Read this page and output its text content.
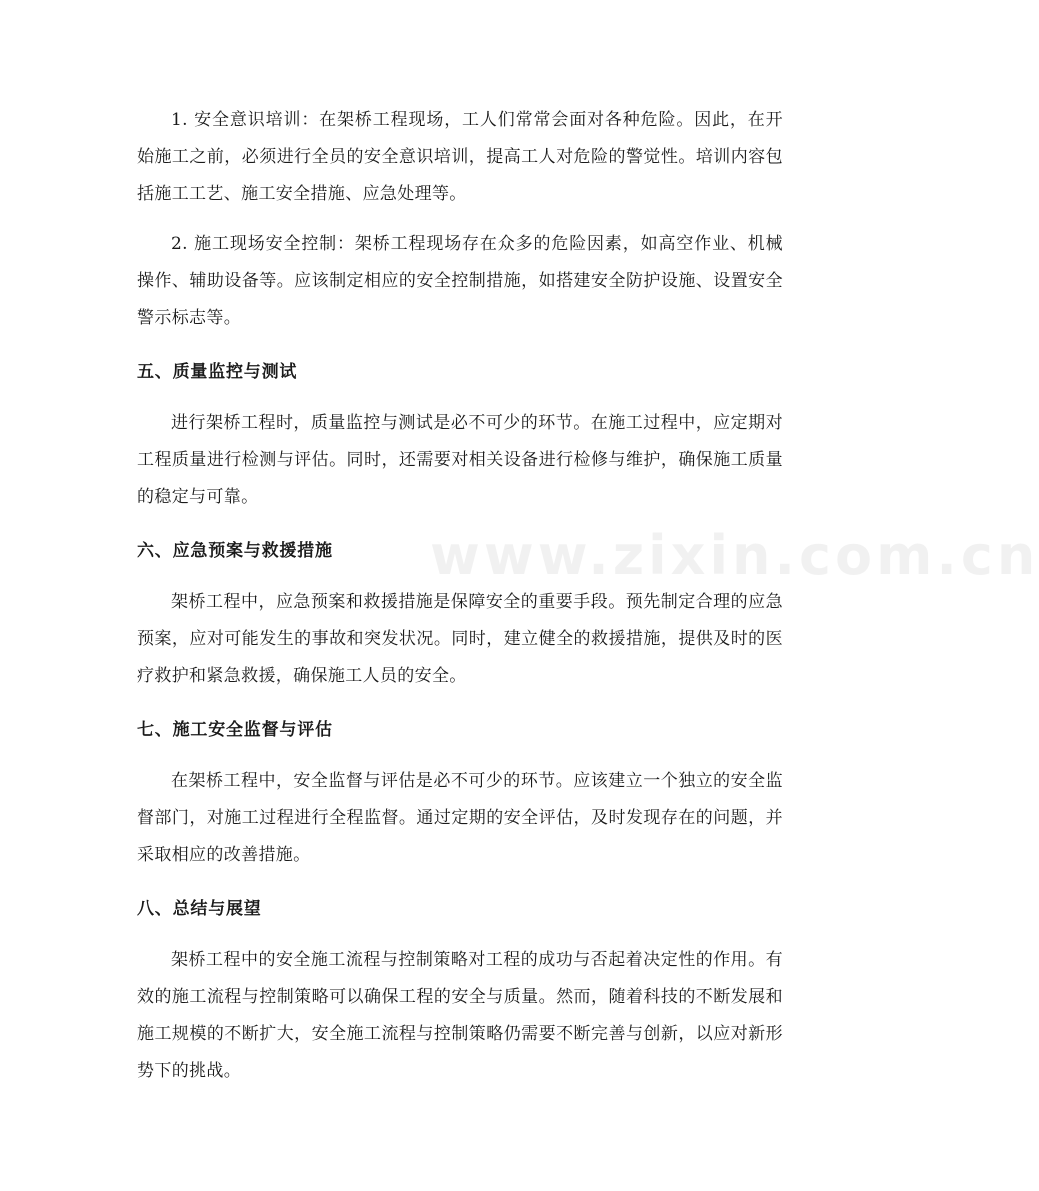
www.zixin.com.cn

1. 安全意识培训：在架桥工程现场，工人们常常会面对各种危险。因此，在开始施工之前，必须进行全员的安全意识培训，提高工人对危险的警觉性。培训内容包括施工工艺、施工安全措施、应急处理等。

2. 施工现场安全控制：架桥工程现场存在众多的危险因素，如高空作业、机械操作、辅助设备等。应该制定相应的安全控制措施，如搭建安全防护设施、设置安全警示标志等。

五、质量监控与测试

进行架桥工程时，质量监控与测试是必不可少的环节。在施工过程中，应定期对工程质量进行检测与评估。同时，还需要对相关设备进行检修与维护，确保施工质量的稳定与可靠。

六、应急预案与救援措施

架桥工程中，应急预案和救援措施是保障安全的重要手段。预先制定合理的应急预案，应对可能发生的事故和突发状况。同时，建立健全的救援措施，提供及时的医疗救护和紧急救援，确保施工人员的安全。

七、施工安全监督与评估

在架桥工程中，安全监督与评估是必不可少的环节。应该建立一个独立的安全监督部门，对施工过程进行全程监督。通过定期的安全评估，及时发现存在的问题，并采取相应的改善措施。

八、总结与展望

架桥工程中的安全施工流程与控制策略对工程的成功与否起着决定性的作用。有效的施工流程与控制策略可以确保工程的安全与质量。然而，随着科技的不断发展和施工规模的不断扩大，安全施工流程与控制策略仍需要不断完善与创新，以应对新形势下的挑战。
